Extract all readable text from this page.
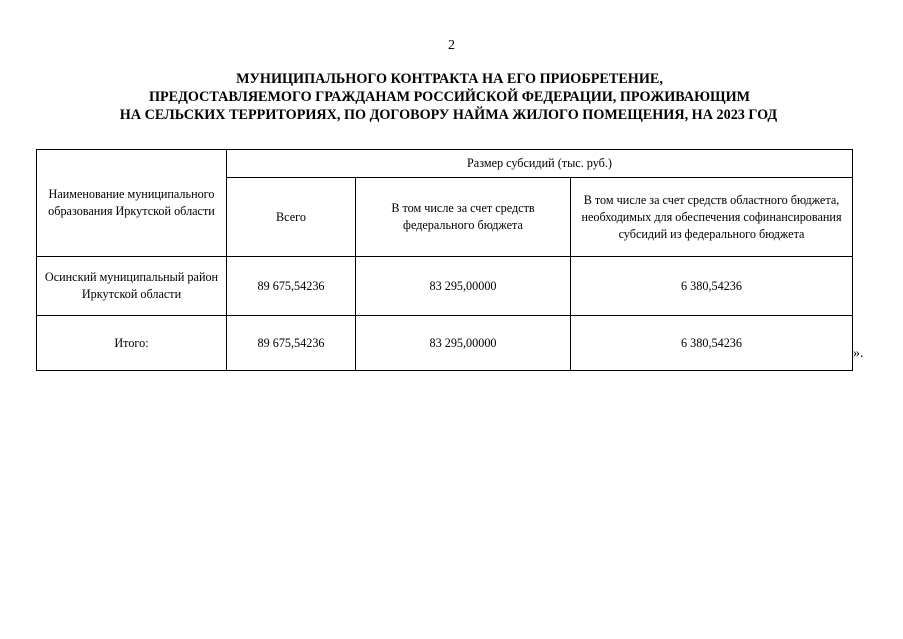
2
МУНИЦИПАЛЬНОГО КОНТРАКТА НА ЕГО ПРИОБРЕТЕНИЕ,
ПРЕДОСТАВЛЯЕМОГО ГРАЖДАНАМ РОССИЙСКОЙ ФЕДЕРАЦИИ, ПРОЖИВАЮЩИМ
НА СЕЛЬСКИХ ТЕРРИТОРИЯХ, ПО ДОГОВОРУ НАЙМА ЖИЛОГО ПОМЕЩЕНИЯ, НА 2023 ГОД
Наименование муниципального образования Иркутской области	Размер субсидий (тыс. руб.)		
	Всего	В том числе за счет средств федерального бюджета	В том числе за счет средств областного бюджета, необходимых для обеспечения софинансирования субсидий из федерального бюджета
Осинский муниципальный район Иркутской области	89 675,54236	83 295,00000	6 380,54236
Итого:	89 675,54236	83 295,00000	6 380,54236
».
